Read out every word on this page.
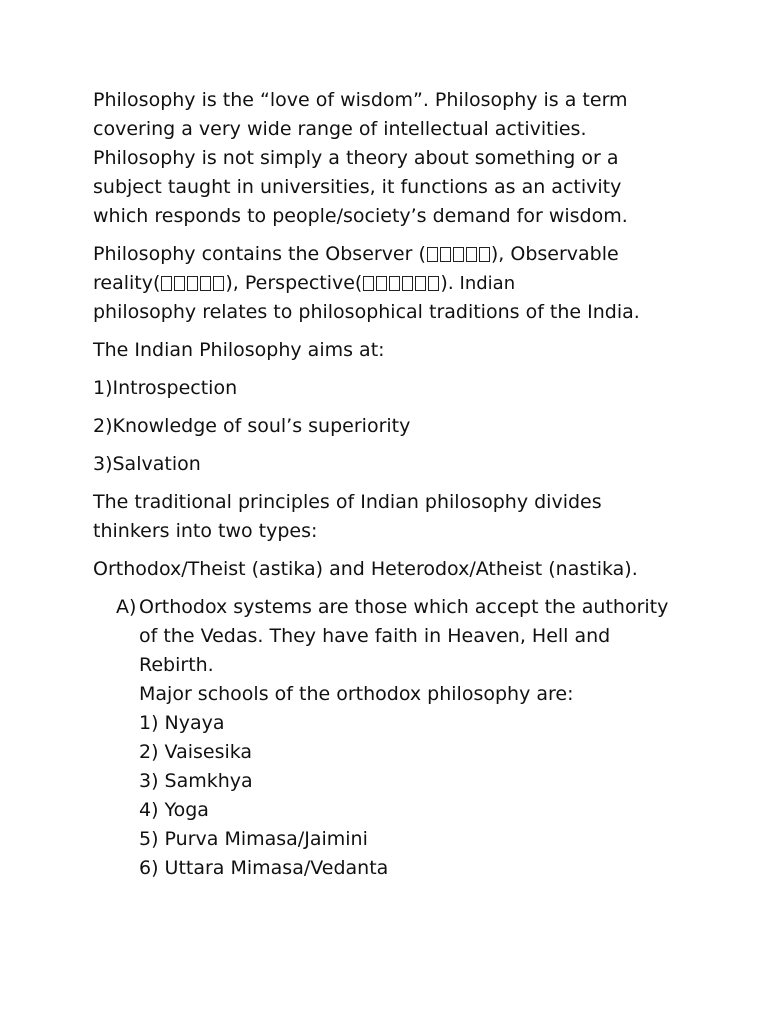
Philosophy is the “love of wisdom”. Philosophy is a term
covering a very wide range of intellectual activities.
Philosophy is not simply a theory about something or a
subject taught in universities, it functions as an activity
which responds to people/society’s demand for wisdom.

Philosophy contains the Observer (	), Observable
reality(	), Perspective(	). Indian
philosophy relates to philosophical traditions of the India.

The Indian Philosophy aims at:

1)Introspection

2)Knowledge of soul’s superiority

3)Salvation

The traditional principles of Indian philosophy divides
thinkers into two types:

Orthodox/Theist (astika) and Heterodox/Atheist (nastika).

A) Orthodox systems are those which accept the authority
of the Vedas. They have faith in Heaven, Hell and
Rebirth.
Major schools of the orthodox philosophy are:
1) Nyaya
2) Vaisesika
3) Samkhya
4) Yoga
5) Purva Mimasa/Jaimini
6) Uttara Mimasa/Vedanta
